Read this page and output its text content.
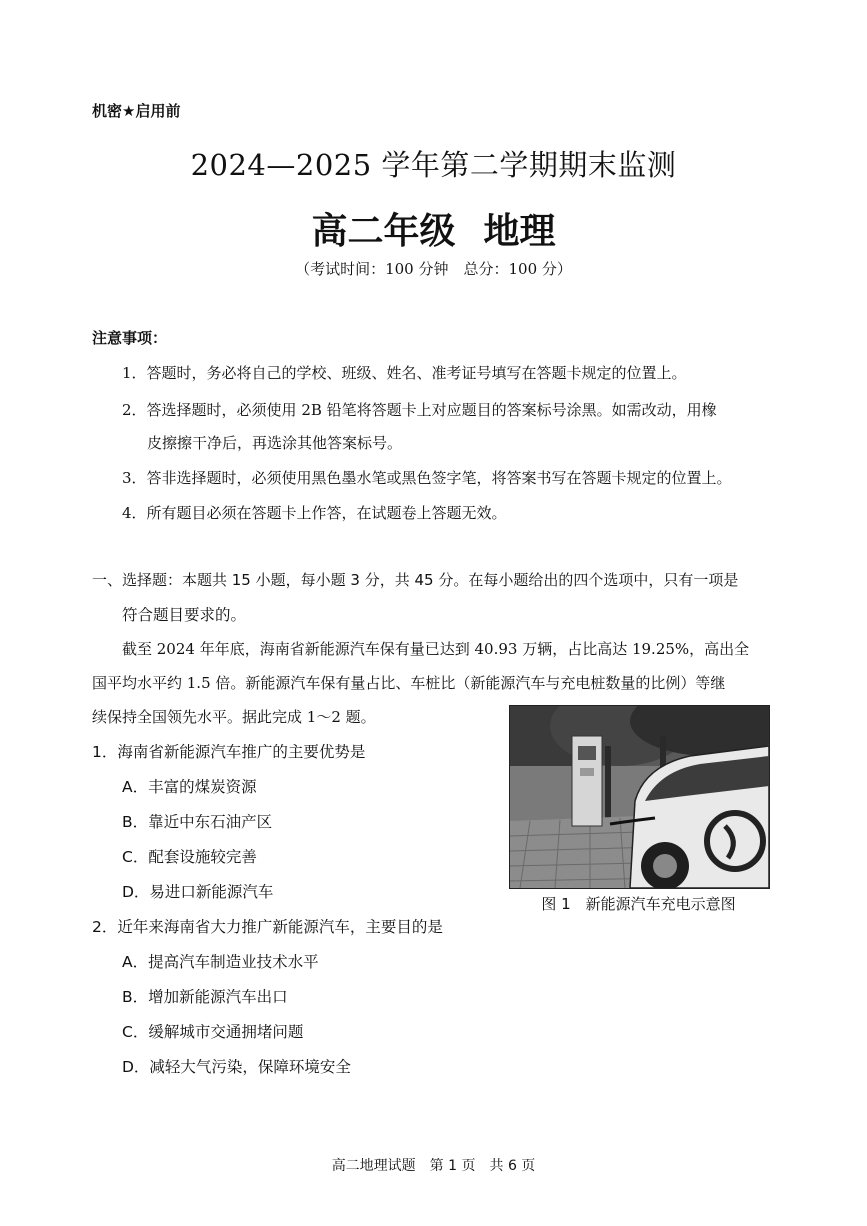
机密★启用前
2024—2025 学年第二学期期末监测
高二年级 地理
（考试时间：100 分钟　总分：100 分）
注意事项：
1．答题时，务必将自己的学校、班级、姓名、准考证号填写在答题卡规定的位置上。
2．答选择题时，必须使用 2B 铅笔将答题卡上对应题目的答案标号涂黑。如需改动，用橡
皮擦擦干净后，再选涂其他答案标号。
3．答非选择题时，必须使用黑色墨水笔或黑色签字笔，将答案书写在答题卡规定的位置上。
4．所有题目必须在答题卡上作答，在试题卷上答题无效。
一、选择题：本题共 15 小题，每小题 3 分，共 45 分。在每小题给出的四个选项中，只有一项是
符合题目要求的。
截至 2024 年年底，海南省新能源汽车保有量已达到 40.93 万辆，占比高达 19.25%，高出全
国平均水平约 1.5 倍。新能源汽车保有量占比、车桩比（新能源汽车与充电桩数量的比例）等继
续保持全国领先水平。据此完成 1～2 题。
1．海南省新能源汽车推广的主要优势是
A．丰富的煤炭资源
B．靠近中东石油产区
C．配套设施较完善
D．易进口新能源汽车
2．近年来海南省大力推广新能源汽车，主要目的是
A．提高汽车制造业技术水平
B．增加新能源汽车出口
C．缓解城市交通拥堵问题
D．减轻大气污染，保障环境安全
图 1　新能源汽车充电示意图
高二地理试题　第 1 页　共 6 页
